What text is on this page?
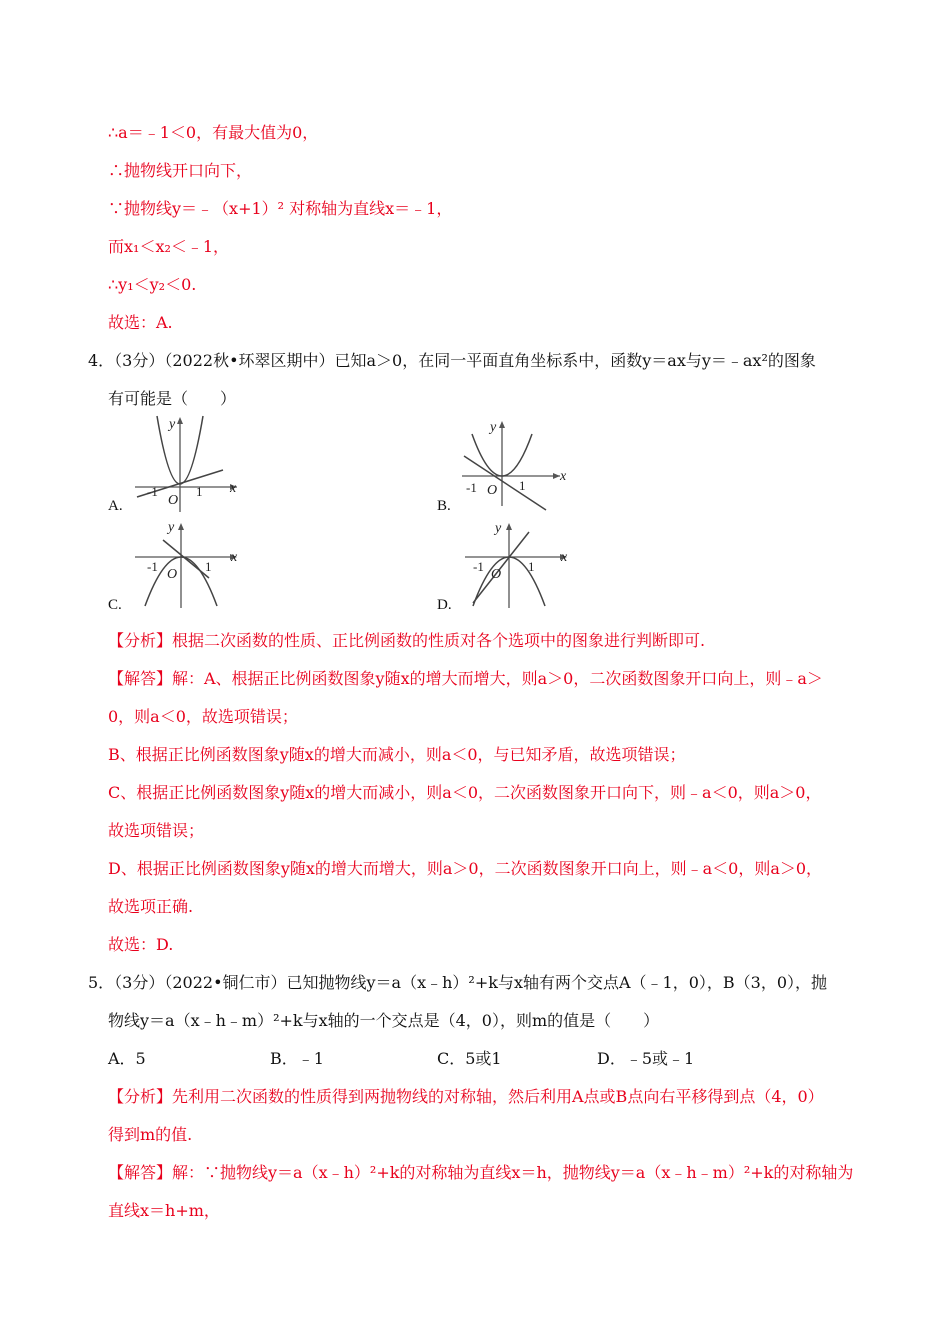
∴a＝﹣1＜0，有最大值为0，
∴抛物线开口向下，
∵抛物线y＝﹣（x+1）² 对称轴为直线x＝﹣1，
而x₁＜x₂＜﹣1，
∴y₁＜y₂＜0.
故选：A.
4．（3分）（2022秋•环翠区期中）已知a＞0，在同一平面直角坐标系中，函数y＝ax与y＝﹣ax²的图象
有可能是（　　）
-1	1
O
x
y
A.
-1	1
O
x
y
B.
-1	1
O
x
y
C.
-1	1
O
x
y
D.
【分析】根据二次函数的性质、正比例函数的性质对各个选项中的图象进行判断即可.
【解答】解：A、根据正比例函数图象y随x的增大而增大，则a＞0，二次函数图象开口向上，则﹣a＞
0，则a＜0，故选项错误；
B、根据正比例函数图象y随x的增大而减小，则a＜0，与已知矛盾，故选项错误；
C、根据正比例函数图象y随x的增大而减小，则a＜0，二次函数图象开口向下，则﹣a＜0，则a＞0，
故选项错误；
D、根据正比例函数图象y随x的增大而增大，则a＞0，二次函数图象开口向上，则﹣a＜0，则a＞0，
故选项正确.
故选：D.
5．（3分）（2022•铜仁市）已知抛物线y＝a（x﹣h）²+k与x轴有两个交点A（﹣1，0），B（3，0），抛
物线y＝a（x﹣h﹣m）²+k与x轴的一个交点是（4，0），则m的值是（　　）
A．5	B．﹣1	C．5或1	D．﹣5或﹣1
【分析】先利用二次函数的性质得到两抛物线的对称轴，然后利用A点或B点向右平移得到点（4，0）
得到m的值.
【解答】解：∵抛物线y＝a（x﹣h）²+k的对称轴为直线x＝h，抛物线y＝a（x﹣h﹣m）²+k的对称轴为
直线x＝h+m，
